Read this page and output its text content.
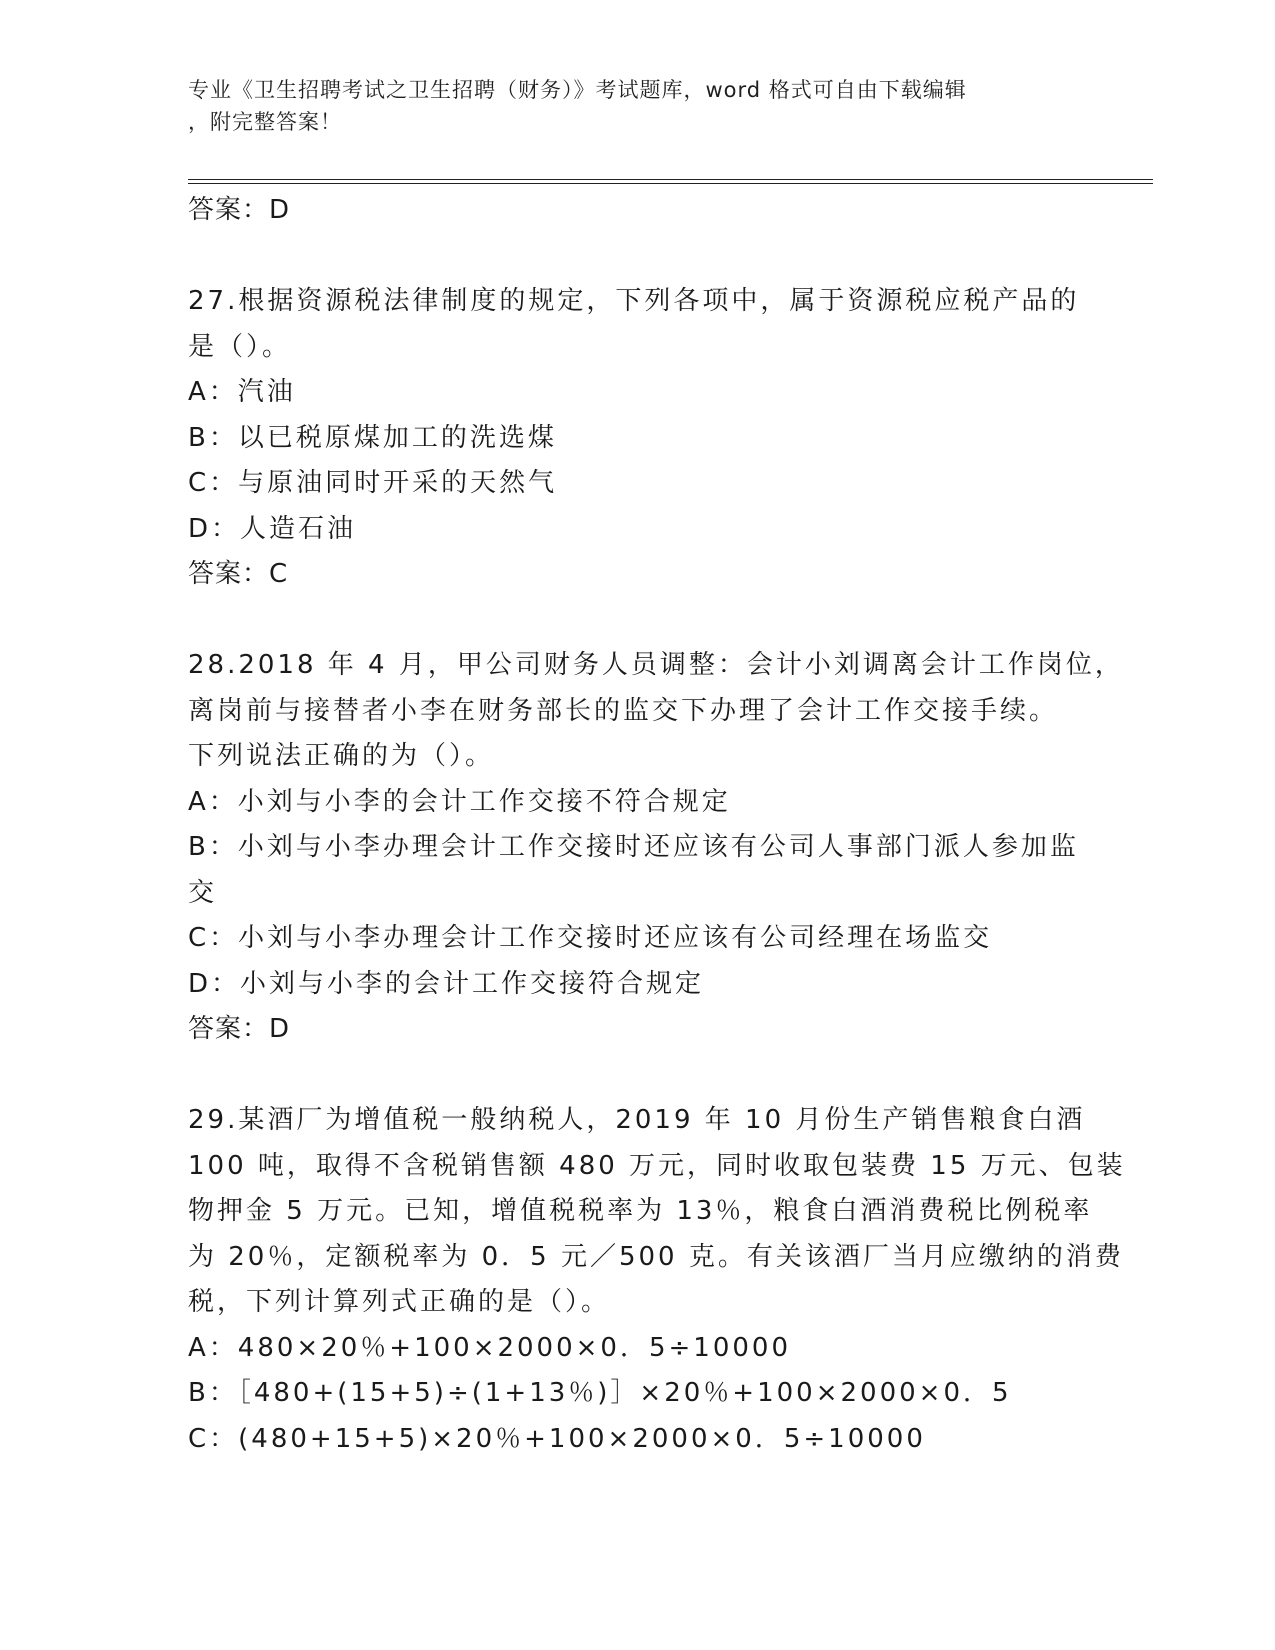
专业《卫生招聘考试之卫生招聘（财务）》考试题库，word 格式可自由下载编辑
，附完整答案！
答案：D
27.根据资源税法律制度的规定，下列各项中，属于资源税应税产品的
是（）。
A：汽油
B：以已税原煤加工的洗选煤
C：与原油同时开采的天然气
D：人造石油
答案：C
28.2018 年 4 月，甲公司财务人员调整：会计小刘调离会计工作岗位，
离岗前与接替者小李在财务部长的监交下办理了会计工作交接手续。
下列说法正确的为（）。
A：小刘与小李的会计工作交接不符合规定
B：小刘与小李办理会计工作交接时还应该有公司人事部门派人参加监
交
C：小刘与小李办理会计工作交接时还应该有公司经理在场监交
D：小刘与小李的会计工作交接符合规定
答案：D
29.某酒厂为增值税一般纳税人，2019 年 10 月份生产销售粮食白酒
100 吨，取得不含税销售额 480 万元，同时收取包装费 15 万元、包装
物押金 5 万元。已知，增值税税率为 13％，粮食白酒消费税比例税率
为 20％，定额税率为 0．5 元／500 克。有关该酒厂当月应缴纳的消费
税，下列计算列式正确的是（）。
A：480×20％+100×2000×0．5÷10000
B：［480+(15+5)÷(1+13％)］×20％+100×2000×0．5
C：(480+15+5)×20％+100×2000×0．5÷10000
